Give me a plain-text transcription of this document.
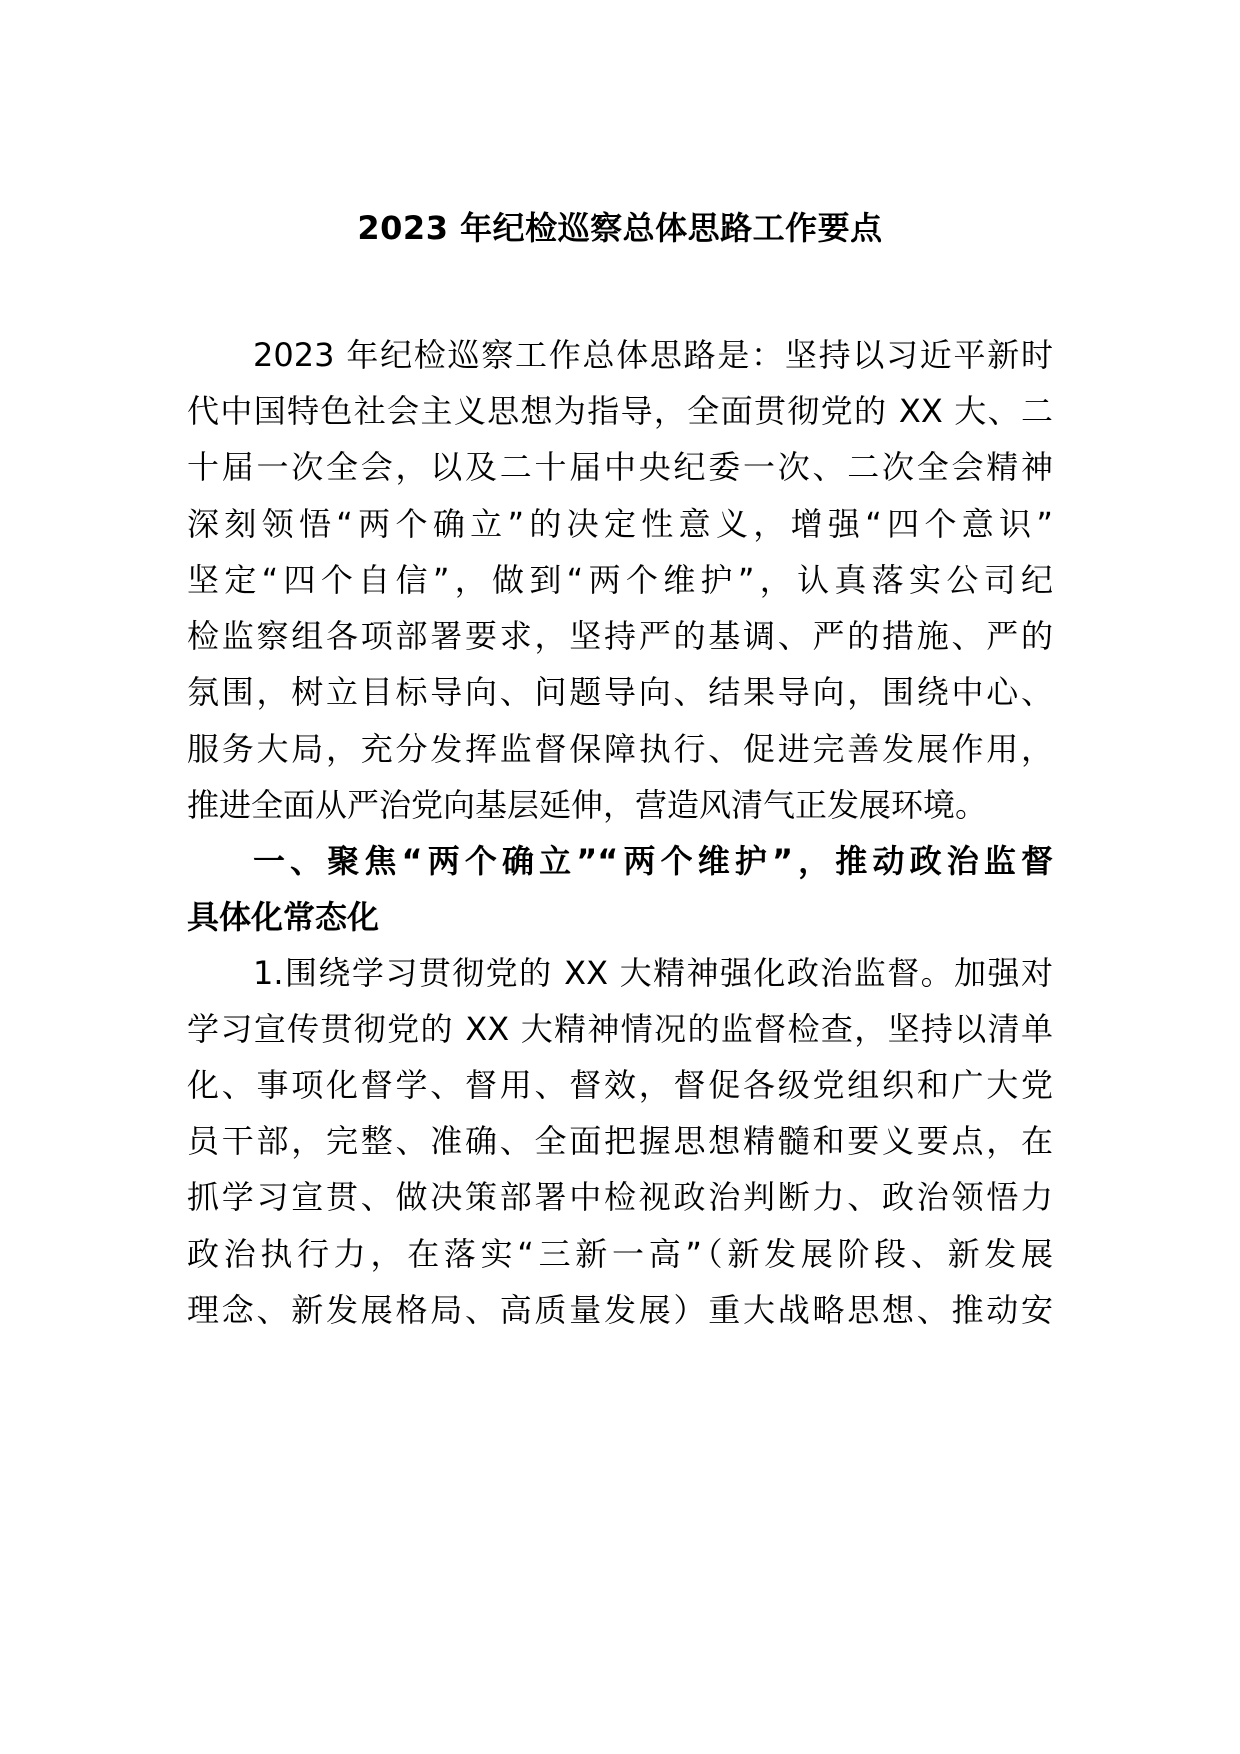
2023 年纪检巡察总体思路工作要点
2023 年纪检巡察工作总体思路是：坚持以习近平新时
代中国特色社会主义思想为指导，全面贯彻党的 XX 大、二
十届一次全会，以及二十届中央纪委一次、二次全会精神
深刻领悟“两个确立”的决定性意义，增强“四个意识”
坚定“四个自信”，做到“两个维护”，认真落实公司纪
检监察组各项部署要求，坚持严的基调、严的措施、严的
氛围，树立目标导向、问题导向、结果导向，围绕中心、
服务大局，充分发挥监督保障执行、促进完善发展作用，
推进全面从严治党向基层延伸，营造风清气正发展环境。
一、聚焦“两个确立”“两个维护”，推动政治监督
具体化常态化
1.围绕学习贯彻党的 XX 大精神强化政治监督。加强对
学习宣传贯彻党的 XX 大精神情况的监督检查，坚持以清单
化、事项化督学、督用、督效，督促各级党组织和广大党
员干部，完整、准确、全面把握思想精髓和要义要点，在
抓学习宣贯、做决策部署中检视政治判断力、政治领悟力
政治执行力，在落实“三新一高”（新发展阶段、新发展
理念、新发展格局、高质量发展）重大战略思想、推动安
